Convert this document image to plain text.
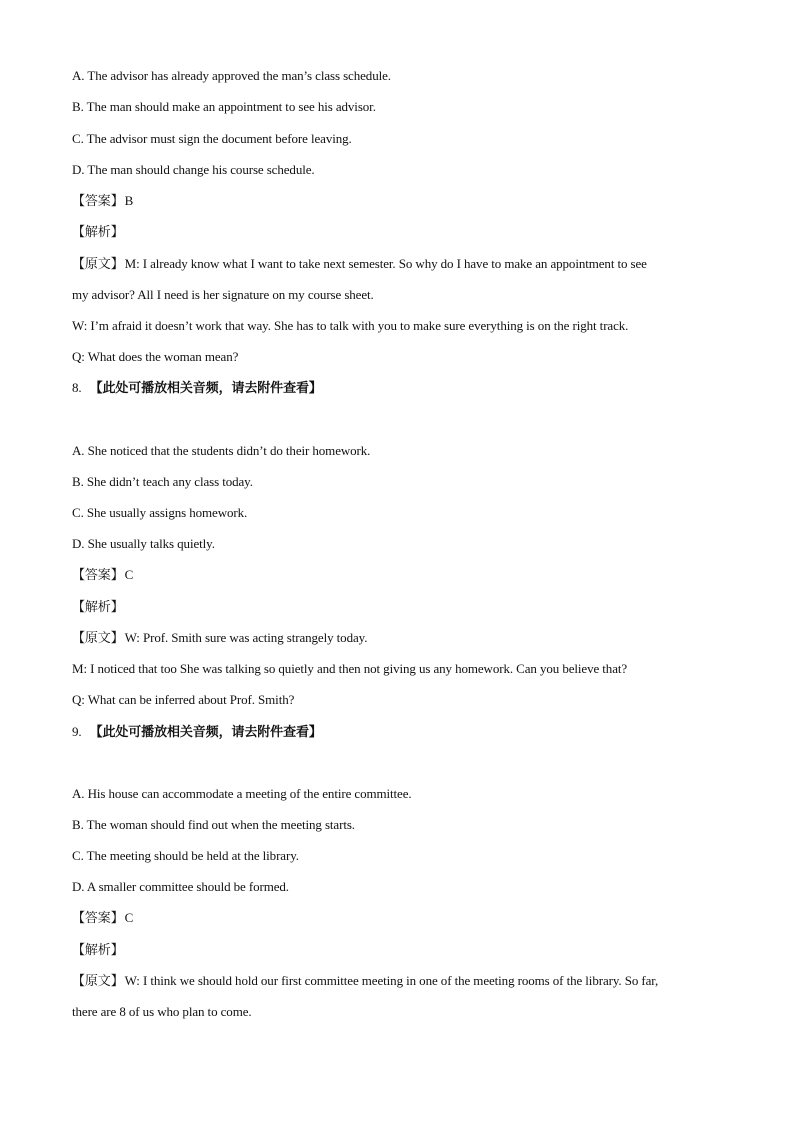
A. The advisor has already approved the man’s class schedule.
B. The man should make an appointment to see his advisor.
C. The advisor must sign the document before leaving.
D. The man should change his course schedule.
【答案】B
【解析】
【原文】M: I already know what I want to take next semester. So why do I have to make an appointment to see
my advisor? All I need is her signature on my course sheet.
W: I’m afraid it doesn’t work that way. She has to talk with you to make sure everything is on the right track.
Q: What does the woman mean?
8. 【此处可播放相关音频，请去附件查看】
A. She noticed that the students didn’t do their homework.
B. She didn’t teach any class today.
C. She usually assigns homework.
D. She usually talks quietly.
【答案】C
【解析】
【原文】W: Prof. Smith sure was acting strangely today.
M: I noticed that too She was talking so quietly and then not giving us any homework. Can you believe that?
Q: What can be inferred about Prof. Smith?
9. 【此处可播放相关音频，请去附件查看】
A. His house can accommodate a meeting of the entire committee.
B. The woman should find out when the meeting starts.
C. The meeting should be held at the library.
D. A smaller committee should be formed.
【答案】C
【解析】
【原文】W: I think we should hold our first committee meeting in one of the meeting rooms of the library. So far,
there are 8 of us who plan to come.
